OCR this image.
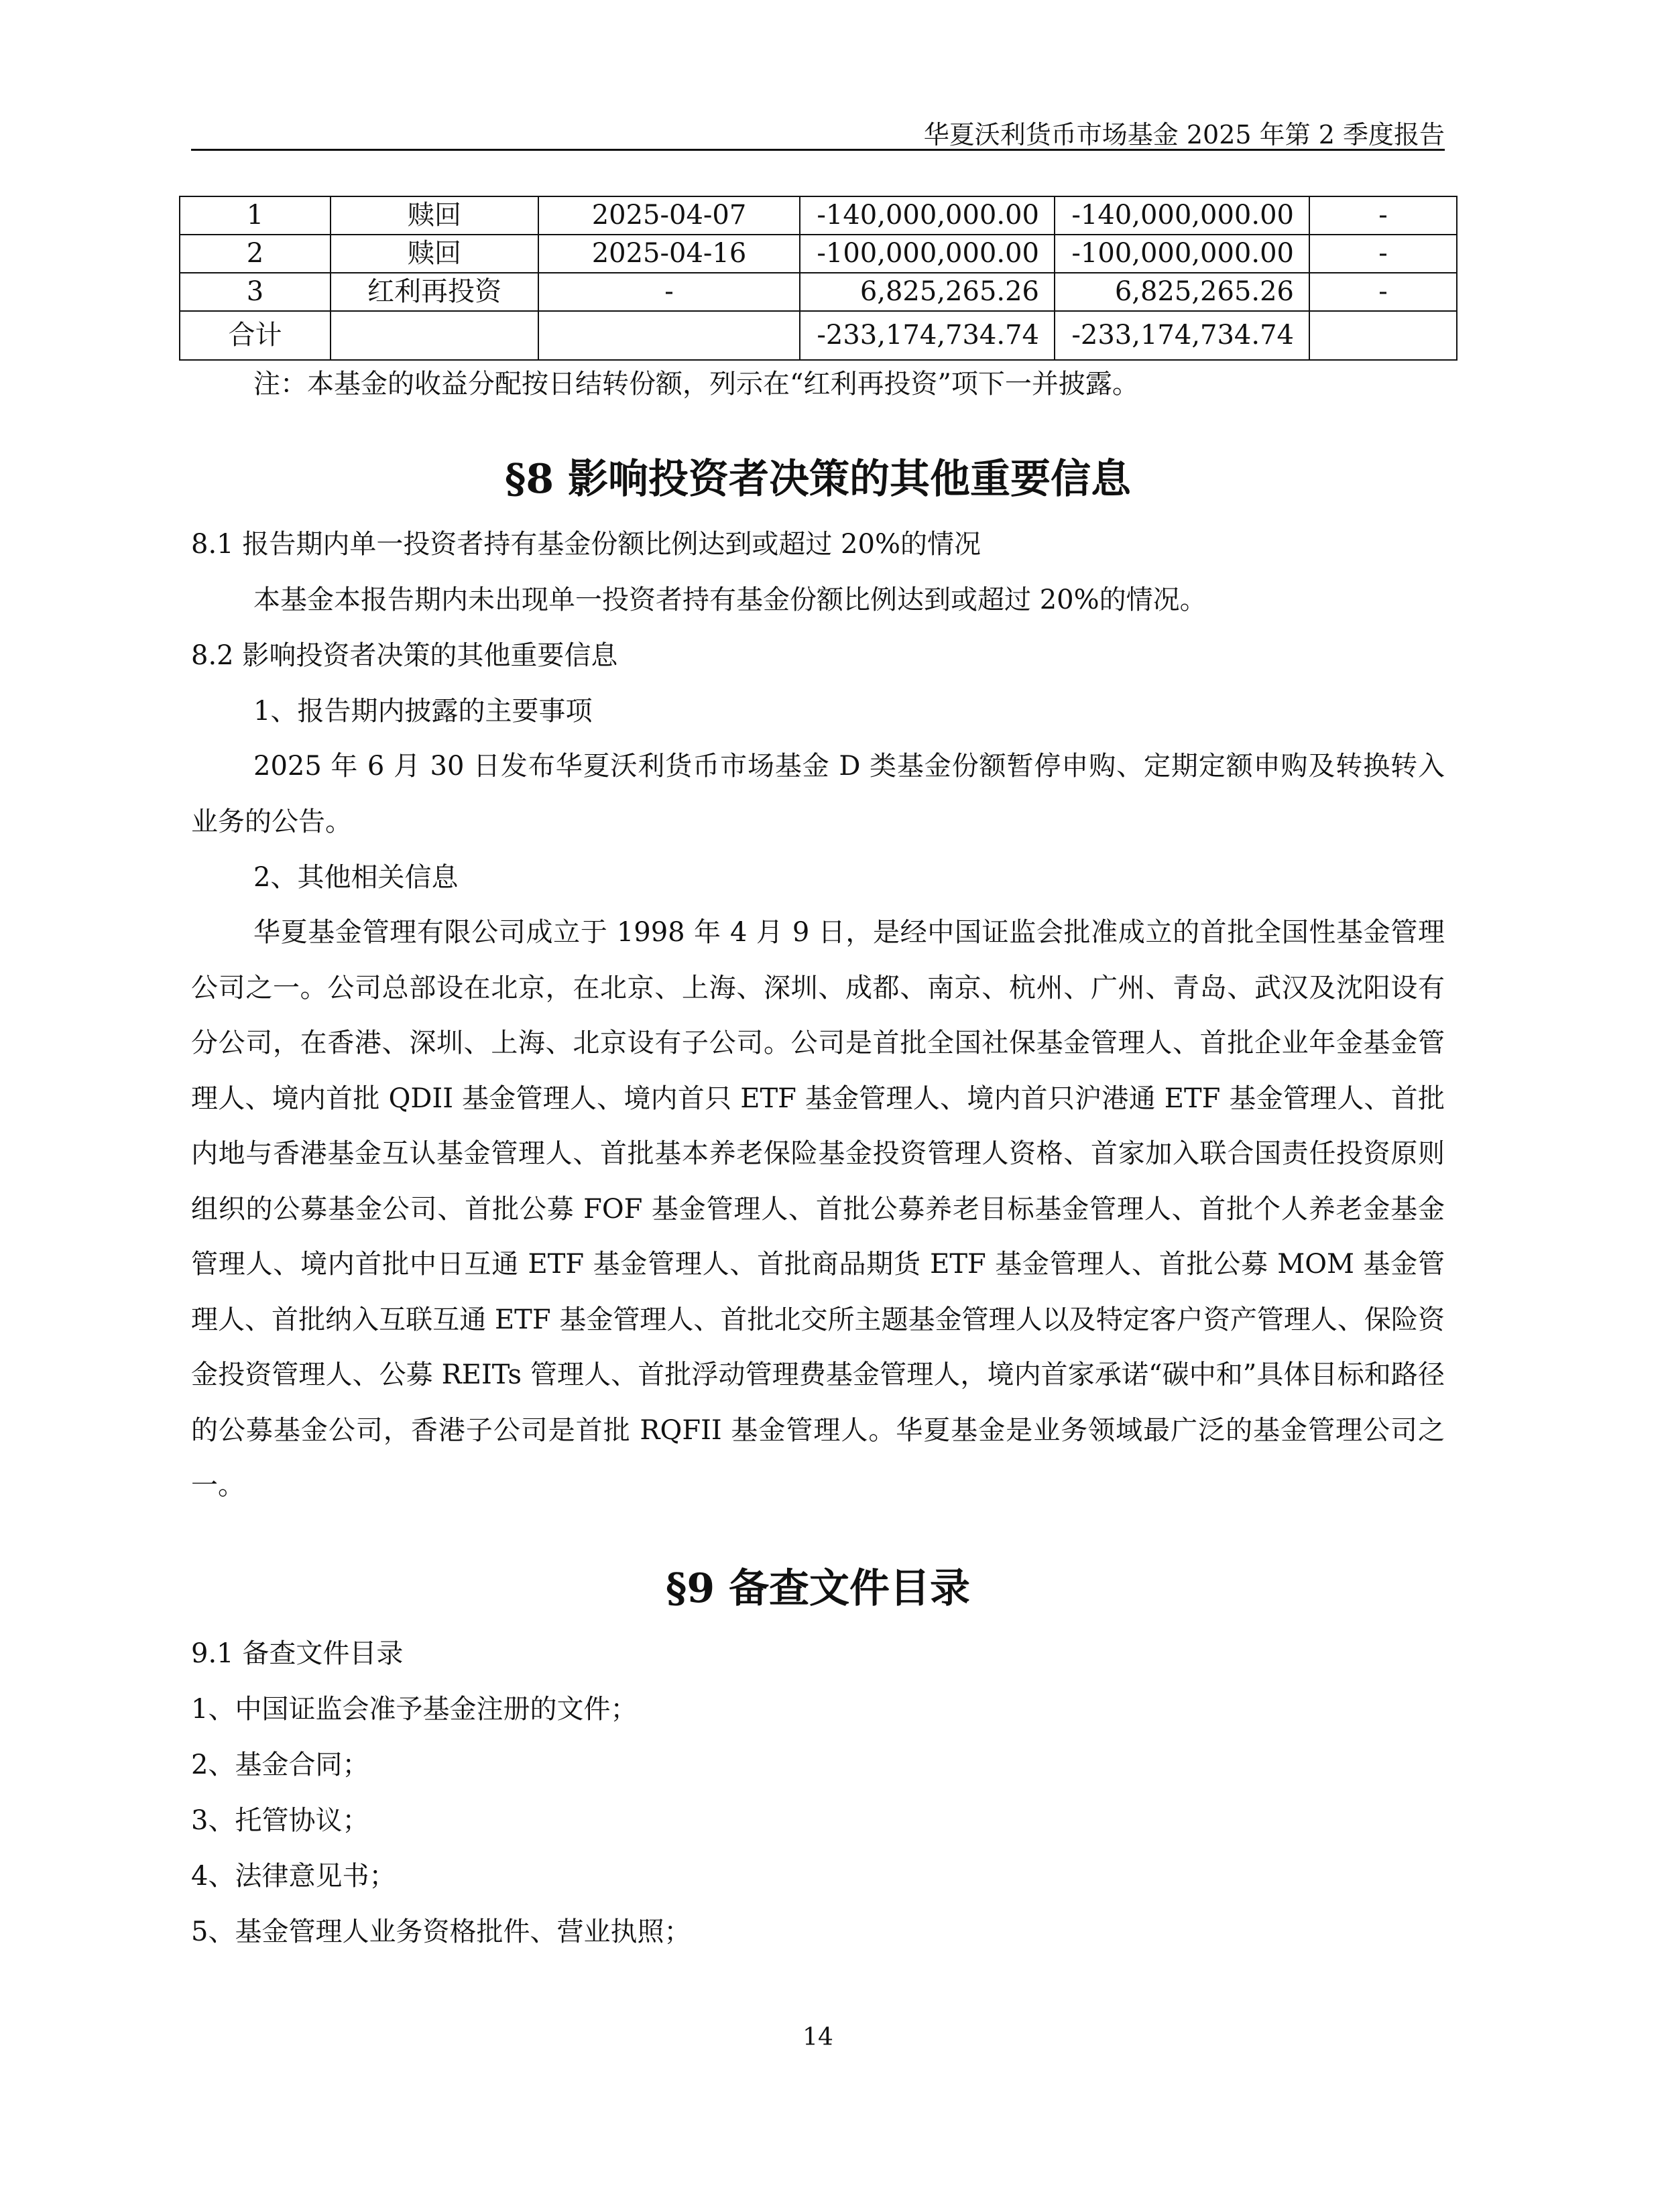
华夏沃利货币市场基金 2025 年第 2 季度报告
1	赎回	2025-04-07	-140,000,000.00	-140,000,000.00	-
2	赎回	2025-04-16	-100,000,000.00	-100,000,000.00	-
3	红利再投资	-	6,825,265.26	6,825,265.26	-
合计			-233,174,734.74	-233,174,734.74	
注：本基金的收益分配按日结转份额，列示在“红利再投资”项下一并披露。
§8 影响投资者决策的其他重要信息
8.1 报告期内单一投资者持有基金份额比例达到或超过 20%的情况
本基金本报告期内未出现单一投资者持有基金份额比例达到或超过 20%的情况。
8.2 影响投资者决策的其他重要信息
1、报告期内披露的主要事项
2025 年 6 月 30 日发布华夏沃利货币市场基金 D 类基金份额暂停申购、定期定额申购及转换转入业务的公告。
2、其他相关信息
华夏基金管理有限公司成立于 1998 年 4 月 9 日，是经中国证监会批准成立的首批全国性基金管理公司之一。公司总部设在北京，在北京、上海、深圳、成都、南京、杭州、广州、青岛、武汉及沈阳设有分公司，在香港、深圳、上海、北京设有子公司。公司是首批全国社保基金管理人、首批企业年金基金管理人、境内首批 QDII 基金管理人、境内首只 ETF 基金管理人、境内首只沪港通 ETF 基金管理人、首批内地与香港基金互认基金管理人、首批基本养老保险基金投资管理人资格、首家加入联合国责任投资原则组织的公募基金公司、首批公募 FOF 基金管理人、首批公募养老目标基金管理人、首批个人养老金基金管理人、境内首批中日互通 ETF 基金管理人、首批商品期货 ETF 基金管理人、首批公募 MOM 基金管理人、首批纳入互联互通 ETF 基金管理人、首批北交所主题基金管理人以及特定客户资产管理人、保险资金投资管理人、公募 REITs 管理人、首批浮动管理费基金管理人，境内首家承诺“碳中和”具体目标和路径的公募基金公司，香港子公司是首批 RQFII 基金管理人。华夏基金是业务领域最广泛的基金管理公司之一。
§9 备查文件目录
9.1 备查文件目录
1、中国证监会准予基金注册的文件；
2、基金合同；
3、托管协议；
4、法律意见书；
5、基金管理人业务资格批件、营业执照；
14
